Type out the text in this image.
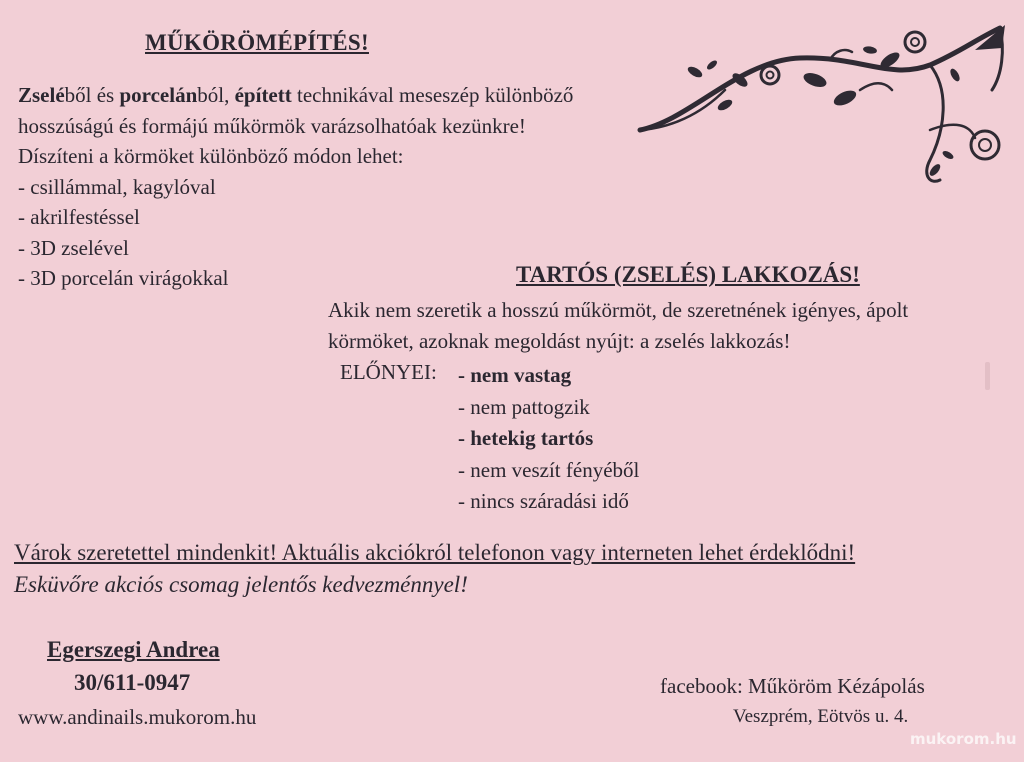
MŰKÖRÖMÉPÍTÉS!
Zseléből és porcelánból, épített technikával meseszép különböző
hosszúságú és formájú műkörmök varázsolhatóak kezünkre!
Díszíteni a körmöket különböző módon lehet:
- csillámmal, kagylóval
- akrilfestéssel
- 3D zselével
- 3D porcelán virágokkal	TARTÓS (ZSELÉS) LAKKOZÁS!
Akik nem szeretik a hosszú műkörmöt, de szeretnének igényes, ápolt
körmöket, azoknak megoldást nyújt: a zselés lakkozás!
ELŐNYEI: - nem vastag
- nem pattogzik
- hetekig tartós
- nem veszít fényéből
- nincs száradási idő
Várok szeretettel mindenkit! Aktuális akciókról telefonon vagy interneten lehet érdeklődni!
Esküvőre akciós csomag jelentős kedvezménnyel!
Egerszegi Andrea
30/611-0947
www.andinails.mukorom.hu
facebook: Műköröm Kézápolás
Veszprém, Eötvös u. 4.
mukorom.hu
